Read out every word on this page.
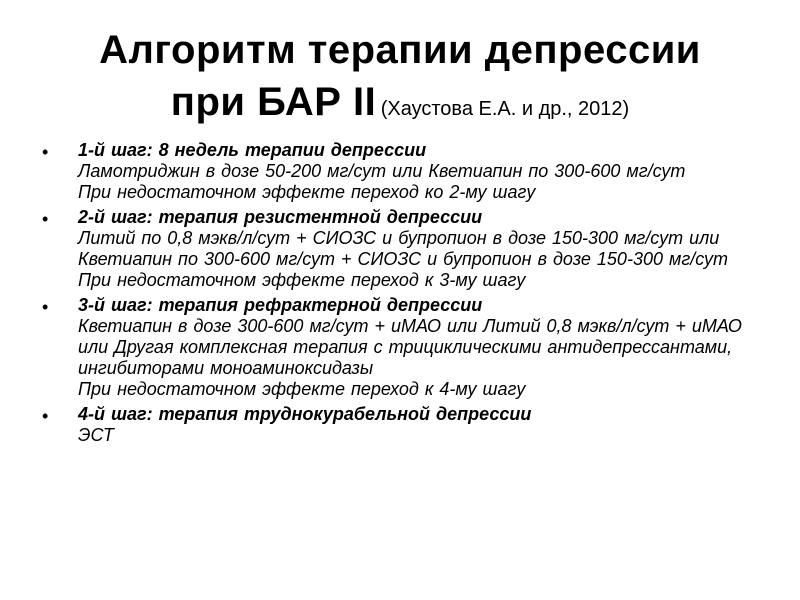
Алгоритм терапии депрессии
при БАР II (Хаустова Е.А. и др., 2012)
• 1-й шаг: 8 недель терапии депрессии
Ламотриджин в дозе 50-200 мг/сут или Кветиапин по 300-600 мг/сут
При недостаточном эффекте переход ко 2-му шагу
• 2-й шаг: терапия резистентной депрессии
Литий по 0,8 мэкв/л/сут + СИОЗС и бупропион в дозе 150-300 мг/сут или Кветиапин по 300-600 мг/сут + СИОЗС и бупропион в дозе 150-300 мг/сут
При недостаточном эффекте переход к 3-му шагу
• 3-й шаг: терапия рефрактерной депрессии
Кветиапин в дозе 300-600 мг/сут + иМАО или Литий 0,8 мэкв/л/сут + иМАО или Другая комплексная терапия с трициклическими антидепрессантами, ингибиторами моноаминоксидазы
При недостаточном эффекте переход к 4-му шагу
• 4-й шаг: терапия труднокурабельной депрессии
ЭСТ
